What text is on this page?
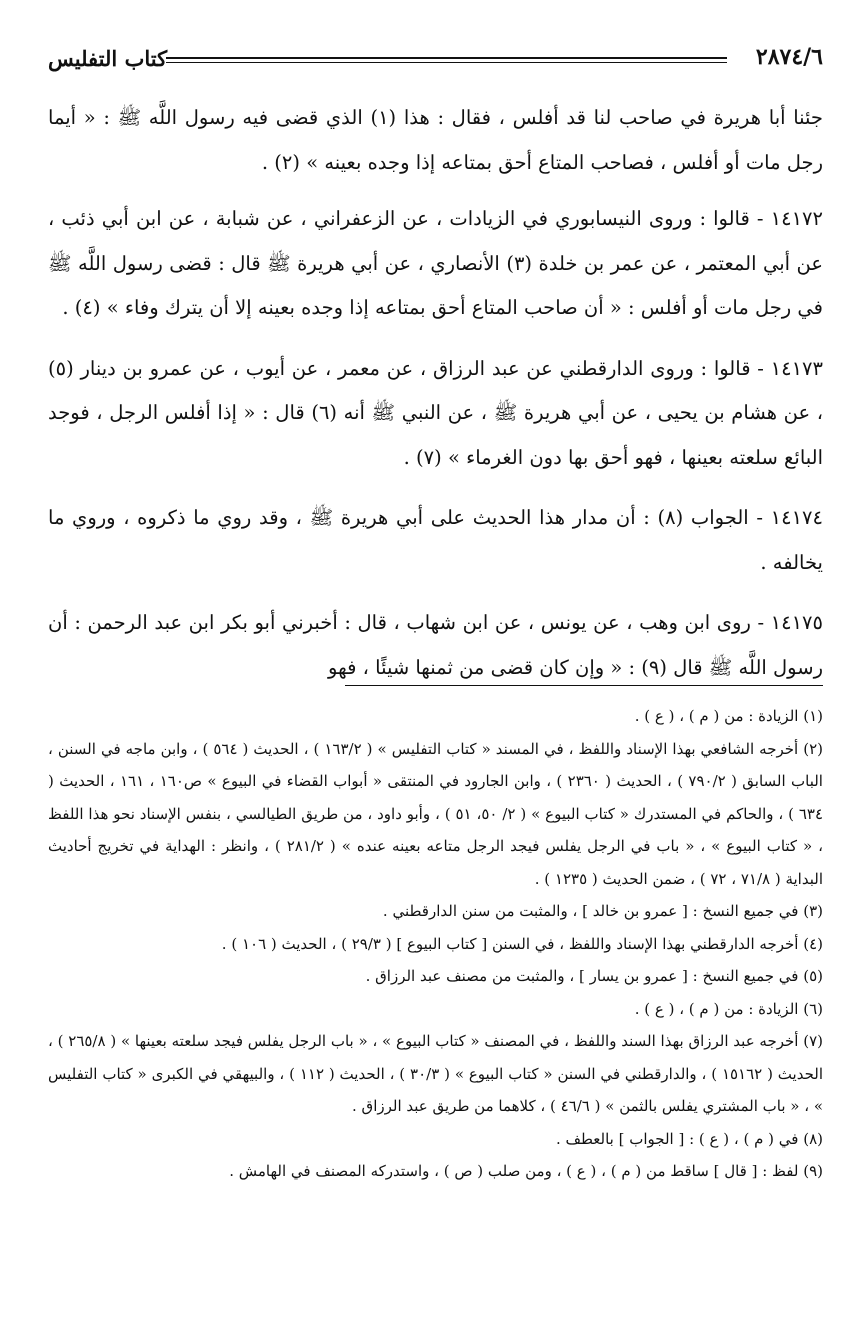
كتاب التفليس	٢٨٧٤/٦

جئنا أبا هريرة في صاحب لنا قد أفلس ، فقال : هذا (١) الذي قضى فيه رسول اللَّه ﷺ : « أيما رجل مات أو أفلس ، فصاحب المتاع أحق بمتاعه إذا وجده بعينه » (٢) .

١٤١٧٢ - قالوا : وروى النيسابوري في الزيادات ، عن الزعفراني ، عن شبابة ، عن ابن أبي ذئب ، عن أبي المعتمر ، عن عمر بن خلدة (٣) الأنصاري ، عن أبي هريرة ﷺ قال : قضى رسول اللَّه ﷺ في رجل مات أو أفلس : « أن صاحب المتاع أحق بمتاعه إذا وجده بعينه إلا أن يترك وفاء » (٤) .

١٤١٧٣ - قالوا : وروى الدارقطني عن عبد الرزاق ، عن معمر ، عن أيوب ، عن عمرو بن دينار (٥) ، عن هشام بن يحيى ، عن أبي هريرة ﷺ ، عن النبي ﷺ أنه (٦) قال : « إذا أفلس الرجل ، فوجد البائع سلعته بعينها ، فهو أحق بها دون الغرماء » (٧) .

١٤١٧٤ - الجواب (٨) : أن مدار هذا الحديث على أبي هريرة ﷺ ، وقد روي ما ذكروه ، وروي ما يخالفه .

١٤١٧٥ - روى ابن وهب ، عن يونس ، عن ابن شهاب ، قال : أخبرني أبو بكر ابن عبد الرحمن : أن رسول اللَّه ﷺ قال (٩) : « وإن كان قضى من ثمنها شيئًا ، فهو

(١) الزيادة : من ( م ) ، ( ع ) .

(٢) أخرجه الشافعي بهذا الإسناد واللفظ ، في المسند « كتاب التفليس » ( ١٦٣/٢ ) ، الحديث ( ٥٦٤ ) ، وابن ماجه في السنن ، الباب السابق ( ٧٩٠/٢ ) ، الحديث ( ٢٣٦٠ ) ، وابن الجارود في المنتقى « أبواب القضاء في البيوع » ص١٦٠ ، ١٦١ ، الحديث ( ٦٣٤ ) ، والحاكم في المستدرك « كتاب البيوع » ( ٢/ ٥٠، ٥١ ) ، وأبو داود ، من طريق الطيالسي ، بنفس الإسناد نحو هذا اللفظ ، « كتاب البيوع » ، « باب في الرجل يفلس فيجد الرجل متاعه بعينه عنده » ( ٢٨١/٢ ) ، وانظر : الهداية في تخريج أحاديث البداية ( ٧١/٨ ، ٧٢ ) ، ضمن الحديث ( ١٢٣٥ ) .

(٣) في جميع النسخ : [ عمرو بن خالد ] ، والمثبت من سنن الدارقطني .

(٤) أخرجه الدارقطني بهذا الإسناد واللفظ ، في السنن [ كتاب البيوع ] ( ٢٩/٣ ) ، الحديث ( ١٠٦ ) .

(٥) في جميع النسخ : [ عمرو بن يسار ] ، والمثبت من مصنف عبد الرزاق .

(٦) الزيادة : من ( م ) ، ( ع ) .

(٧) أخرجه عبد الرزاق بهذا السند واللفظ ، في المصنف « كتاب البيوع » ، « باب الرجل يفلس فيجد سلعته بعينها » ( ٢٦٥/٨ ) ، الحديث ( ١٥١٦٢ ) ، والدارقطني في السنن « كتاب البيوع » ( ٣٠/٣ ) ، الحديث ( ١١٢ ) ، والبيهقي في الكبرى « كتاب التفليس » ، « باب المشتري يفلس بالثمن » ( ٤٦/٦ ) ، كلاهما من طريق عبد الرزاق .

(٨) في ( م ) ، ( ع ) : [ الجواب ] بالعطف .

(٩) لفظ : [ قال ] ساقط من ( م ) ، ( ع ) ، ومن صلب ( ص ) ، واستدركه المصنف في الهامش .
